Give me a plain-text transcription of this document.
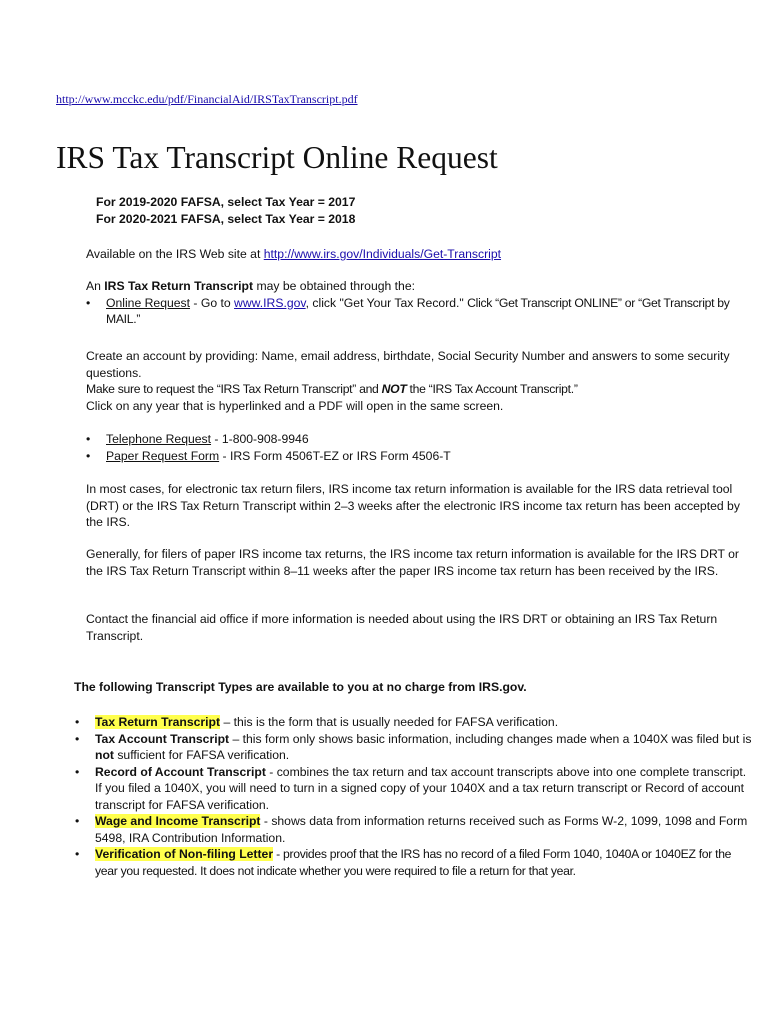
http://www.mcckc.edu/pdf/FinancialAid/IRSTaxTranscript.pdf
IRS Tax Transcript Online Request
For 2019-2020 FAFSA, select Tax Year = 2017
For 2020-2021 FAFSA, select Tax Year = 2018
Available on the IRS Web site at http://www.irs.gov/Individuals/Get-Transcript
An IRS Tax Return Transcript may be obtained through the:
• Online Request - Go to www.IRS.gov, click "Get Your Tax Record." Click “Get Transcript ONLINE” or “Get Transcript by MAIL.”
Create an account by providing: Name, email address, birthdate, Social Security Number and answers to some security questions.
Make sure to request the “IRS Tax Return Transcript” and NOT the “IRS Tax Account Transcript.”
Click on any year that is hyperlinked and a PDF will open in the same screen.
• Telephone Request - 1-800-908-9946
• Paper Request Form - IRS Form 4506T-EZ or IRS Form 4506-T
In most cases, for electronic tax return filers, IRS income tax return information is available for the IRS data retrieval tool (DRT) or the IRS Tax Return Transcript within 2–3 weeks after the electronic IRS income tax return has been accepted by the IRS.
Generally, for filers of paper IRS income tax returns, the IRS income tax return information is available for the IRS DRT or the IRS Tax Return Transcript within 8–11 weeks after the paper IRS income tax return has been received by the IRS.
Contact the financial aid office if more information is needed about using the IRS DRT or obtaining an IRS Tax Return Transcript.
The following Transcript Types are available to you at no charge from IRS.gov.
• Tax Return Transcript – this is the form that is usually needed for FAFSA verification.
• Tax Account Transcript – this form only shows basic information, including changes made when a 1040X was filed but is not sufficient for FAFSA verification.
• Record of Account Transcript - combines the tax return and tax account transcripts above into one complete transcript. If you filed a 1040X, you will need to turn in a signed copy of your 1040X and a tax return transcript or Record of account transcript for FAFSA verification.
• Wage and Income Transcript - shows data from information returns received such as Forms W-2, 1099, 1098 and Form 5498, IRA Contribution Information.
• Verification of Non-filing Letter - provides proof that the IRS has no record of a filed Form 1040, 1040A or 1040EZ for the year you requested. It does not indicate whether you were required to file a return for that year.
